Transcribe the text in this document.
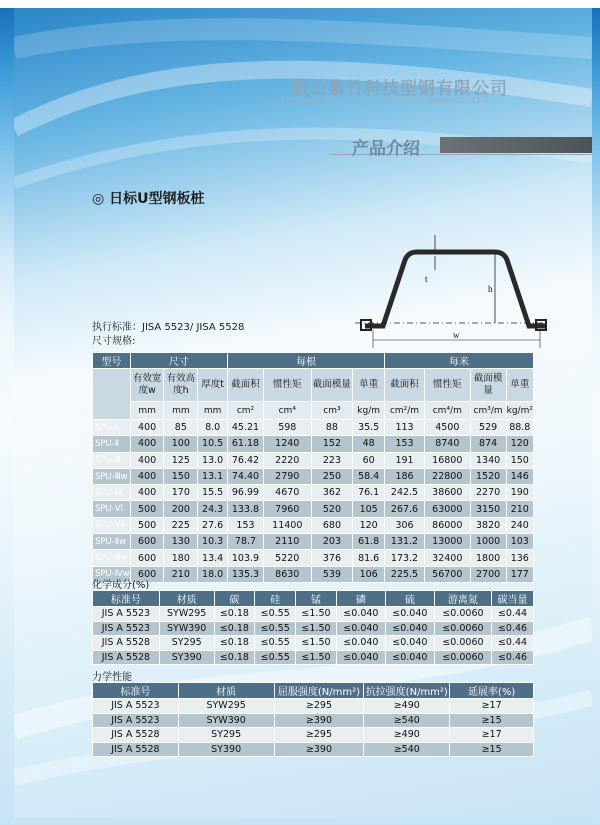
鞍山紫竹科技型钢有限公司
AnshanZizhu Sci.& Tech.Profile Steel Co.,LTD
产品介绍
◎ 日标U型钢板桩
t
h
w
执行标准：JISA 5523/ JISA 5528
尺寸规格:
型号	尺寸			每根				每米			
	有效宽度w	有效高度h	厚度t	截面积	惯性矩	截面模量	单重	截面积	惯性矩	截面模量	单重
	mm	mm	mm	cm²	cm⁴	cm³	kg/m	cm²/m	cm⁴/m	cm³/m	kg/m²
SPU-Ⅰ	400	85	8.0	45.21	598	88	35.5	113	4500	529	88.8
SPU-Ⅱ	400	100	10.5	61.18	1240	152	48	153	8740	874	120
SPU-Ⅲ	400	125	13.0	76.42	2220	223	60	191	16800	1340	150
SPU-Ⅲw	400	150	13.1	74.40	2790	250	58.4	186	22800	1520	146
SPU-Ⅳ	400	170	15.5	96.99	4670	362	76.1	242.5	38600	2270	190
SPU-Ⅴl	500	200	24.3	133.8	7960	520	105	267.6	63000	3150	210
SPU-Ⅵl	500	225	27.6	153	11400	680	120	306	86000	3820	240
SPU-Ⅱw	600	130	10.3	78.7	2110	203	61.8	131.2	13000	1000	103
SPU-Ⅲw	600	180	13.4	103.9	5220	376	81.6	173.2	32400	1800	136
SPU-Ⅳw	600	210	18.0	135.3	8630	539	106	225.5	56700	2700	177
化学成分(%)
标准号	材质	碳	硅	锰	磷	硫	游离氮	碳当量
JIS A 5523	SYW295	≤0.18	≤0.55	≤1.50	≤0.040	≤0.040	≤0.0060	≤0.44
JIS A 5523	SYW390	≤0.18	≤0.55	≤1.50	≤0.040	≤0.040	≤0.0060	≤0.46
JIS A 5528	SY295	≤0.18	≤0.55	≤1.50	≤0.040	≤0.040	≤0.0060	≤0.44
JIS A 5528	SY390	≤0.18	≤0.55	≤1.50	≤0.040	≤0.040	≤0.0060	≤0.46
力学性能
标准号	材质	屈服强度(N/mm²)	抗拉强度(N/mm²)	延展率(%)
JIS A 5523	SYW295	≥295	≥490	≥17
JIS A 5523	SYW390	≥390	≥540	≥15
JIS A 5528	SY295	≥295	≥490	≥17
JIS A 5528	SY390	≥390	≥540	≥15
